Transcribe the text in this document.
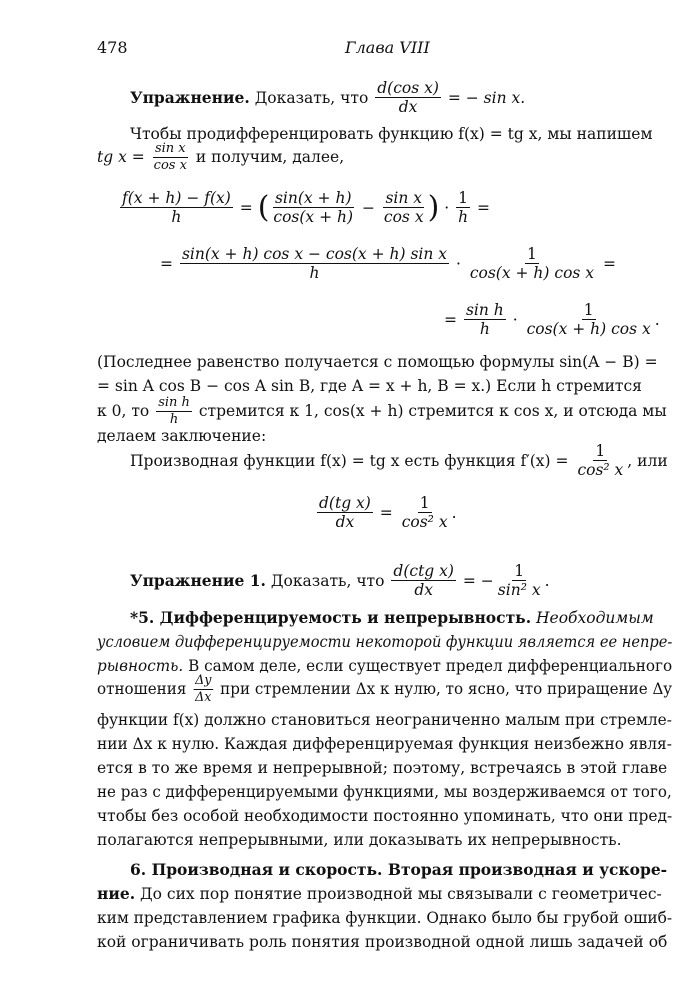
478	Глава VIII
Упражнение.
Доказать, что
$\frac{\text{d(cos x)}}{dx}$
= − sin x.
Чтобы продифференцировать функцию f(x) = tg x, мы напишем
tg x =
$\frac{\text{sin x}}{\text{cos x}}$
и получим, далее,
$\frac{f(x + h) - f(x)}{h}$
=
( $\frac{\sin(x + h)}{\cos(x + h)}$
−
$\frac{\text{sin x}}{\text{cos x}}$ )
·
$\frac{1}{h}$
=
=
$\frac{\text{sin(x + h) cos x − cos(x + h) sin x}}{h}$
·
$\frac{1}{\text{cos(x + h) cos x}}$
=
=
$\frac{\text{sin h}}{h}$
·
$\frac{1}{\text{cos(x + h) cos x}}$ .
(Последнее равенство получается с помощью формулы sin(A − B) =
= sin A cos B − cos A sin B, где A = x + h, B = x.) Если h стремится
к 0, то
$\frac{\text{sin h}}{h}$
стремится к 1, cos(x + h) стремится к cos x, и отсюда мы
делаем заключение:
Производная функции f(x) = tg x есть функция f′(x) =
$\frac{1}{\text{cos² x}}$ , или
$\frac{\text{d(tg x)}}{dx}$
=
$\frac{1}{\text{cos² x}}$ .
Упражнение 1.
Доказать, что
$\frac{\text{d(ctg x)}}{dx}$
= − $\frac{1}{\text{sin² x}}$ .
*5. Дифференцируемость и непрерывность. Необходимым
условием дифференцируемости некоторой функции является ее непре-
рывность. В самом деле, если существует предел дифференциального
отношения
$\frac{\Delta y}{\Delta x}$
при стремлении Δx к нулю, то ясно, что приращение Δy
функции f(x) должно становиться неограниченно малым при стремле-
нии Δx к нулю. Каждая дифференцируемая функция неизбежно явля-
ется в то же время и непрерывной; поэтому, встречаясь в этой главе
не раз с дифференцируемыми функциями, мы воздерживаемся от того,
чтобы без особой необходимости постоянно упоминать, что они пред-
полагаются непрерывными, или доказывать их непрерывность.
6. Производная и скорость. Вторая производная и ускоре-
ние. До сих пор понятие производной мы связывали с геометричес-
ким представлением графика функции. Однако было бы грубой ошиб-
кой ограничивать роль понятия производной одной лишь задачей об
